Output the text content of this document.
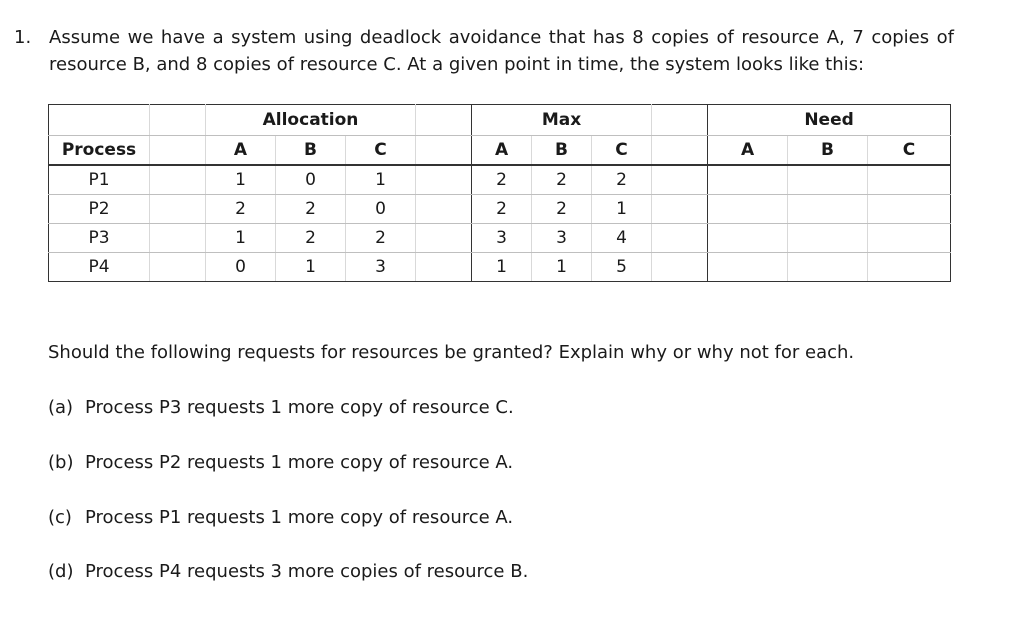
1. Assume we have a system using deadlock avoidance that has 8 copies of resource A, 7 copies of resource B, and 8 copies of resource C. At a given point in time, the system looks like this:
		Allocation				Max				Need		
Process		A	B	C		A	B	C		A	B	C
P1		1	0	1		2	2	2				
P2		2	2	0		2	2	1				
P3		1	2	2		3	3	4				
P4		0	1	3		1	1	5				
Should the following requests for resources be granted? Explain why or why not for each.
(a) Process P3 requests 1 more copy of resource C.
(b) Process P2 requests 1 more copy of resource A.
(c) Process P1 requests 1 more copy of resource A.
(d) Process P4 requests 3 more copies of resource B.
